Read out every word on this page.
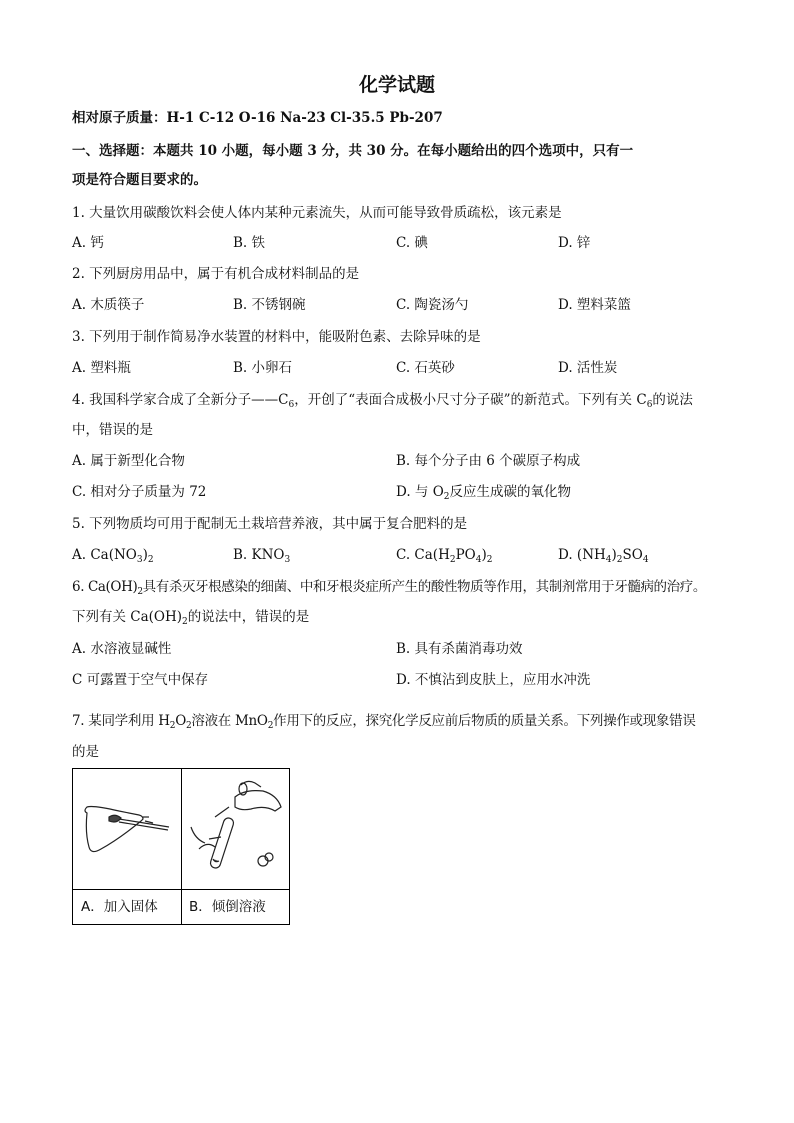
化学试题
相对原子质量：H-1 C-12 O-16 Na-23 Cl-35.5 Pb-207
一、选择题：本题共 10 小题，每小题 3 分，共 30 分。在每小题给出的四个选项中，只有一
项是符合题目要求的。
1. 大量饮用碳酸饮料会使人体内某种元素流失，从而可能导致骨质疏松，该元素是
A. 钙	B. 铁	C. 碘	D. 锌
2. 下列厨房用品中，属于有机合成材料制品的是
A. 木质筷子	B. 不锈钢碗	C. 陶瓷汤勺	D. 塑料菜篮
3. 下列用于制作简易净水装置的材料中，能吸附色素、去除异味的是
A. 塑料瓶	B. 小卵石	C. 石英砂	D. 活性炭
4. 我国科学家合成了全新分子$——C_6$，开创了“表面合成极小尺寸分子碳”的新范式。下列有关 $C_6$的说法
中，错误的是
A. 属于新型化合物	B. 每个分子由 6 个碳原子构成
C. 相对分子质量为 72	D. 与 $O_2$反应生成碳的氧化物
5. 下列物质均可用于配制无土栽培营养液，其中属于复合肥料的是
A. $Ca(NO_3)_2$	B. $KNO_3$	C. $Ca(H_2PO_4)_2$	D. $(NH_4)_2SO_4$
6. $Ca(OH)_2$具有杀灭牙根感染的细菌、中和牙根炎症所产生的酸性物质等作用，其制剂常用于牙髓病的治疗。
下列有关 $Ca(OH)_2$的说法中，错误的是
A. 水溶液显碱性	B. 具有杀菌消毒功效
C 可露置于空气中保存	D. 不慎沾到皮肤上，应用水冲洗
7. 某同学利用 $H_2O_2$溶液在 MnO$_2$作用下的反应，探究化学反应前后物质的质量关系。下列操作或现象错误
的是
A．加入固体 B．倾倒溶液
